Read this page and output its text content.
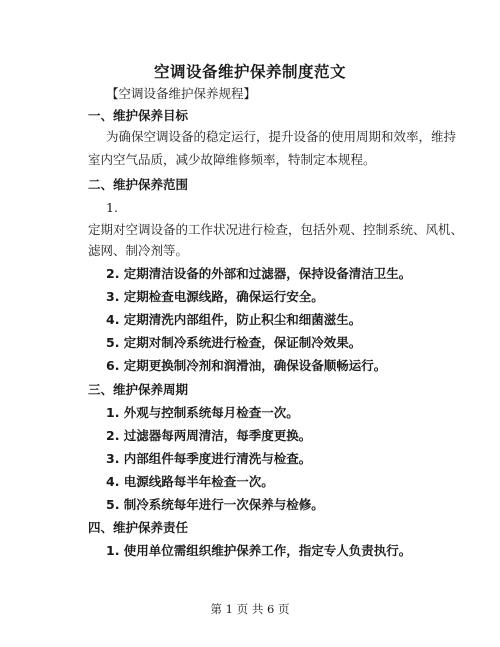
空调设备维护保养制度范文
【空调设备维护保养规程】
一、维护保养目标
为确保空调设备的稳定运行，提升设备的使用周期和效率，维持
室内空气品质，减少故障维修频率，特制定本规程。
二、维护保养范围
1.
定期对空调设备的工作状况进行检查，包括外观、控制系统、风机、
滤网、制冷剂等。
2. 定期清洁设备的外部和过滤器，保持设备清洁卫生。
3. 定期检查电源线路，确保运行安全。
4. 定期清洗内部组件，防止积尘和细菌滋生。
5. 定期对制冷系统进行检查，保证制冷效果。
6. 定期更换制冷剂和润滑油，确保设备顺畅运行。
三、维护保养周期
1. 外观与控制系统每月检查一次。
2. 过滤器每两周清洁，每季度更换。
3. 内部组件每季度进行清洗与检查。
4. 电源线路每半年检查一次。
5. 制冷系统每年进行一次保养与检修。
四、维护保养责任
1. 使用单位需组织维护保养工作，指定专人负责执行。
第 1 页 共 6 页
